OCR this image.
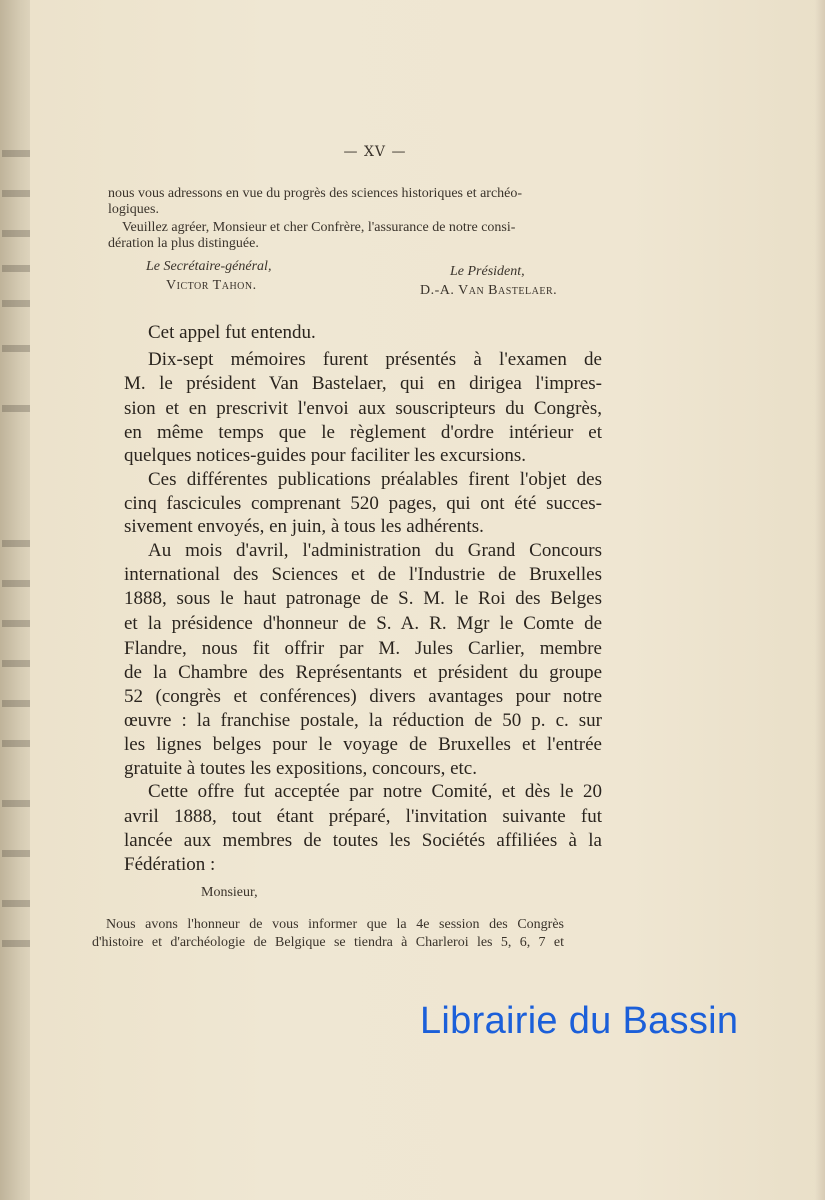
— XV —
nous vous adressons en vue du progrès des sciences historiques et archéo-
logiques.
Veuillez agréer, Monsieur et cher Confrère, l'assurance de notre consi-
dération la plus distinguée.
Le Secrétaire-général,
Victor Tahon.
Le Président,
D.-A. Van Bastelaer.
Cet appel fut entendu.
Dix-sept mémoires furent présentés à l'examen de
M. le président Van Bastelaer, qui en dirigea l'impres-
sion et en prescrivit l'envoi aux souscripteurs du Congrès,
en même temps que le règlement d'ordre intérieur et
quelques notices-guides pour faciliter les excursions.
Ces différentes publications préalables firent l'objet des
cinq fascicules comprenant 520 pages, qui ont été succes-
sivement envoyés, en juin, à tous les adhérents.
Au mois d'avril, l'administration du Grand Concours
international des Sciences et de l'Industrie de Bruxelles
1888, sous le haut patronage de S. M. le Roi des Belges
et la présidence d'honneur de S. A. R. Mgr le Comte de
Flandre, nous fit offrir par M. Jules Carlier, membre
de la Chambre des Représentants et président du groupe
52 (congrès et conférences) divers avantages pour notre
œuvre : la franchise postale, la réduction de 50 p. c. sur
les lignes belges pour le voyage de Bruxelles et l'entrée
gratuite à toutes les expositions, concours, etc.
Cette offre fut acceptée par notre Comité, et dès le 20
avril 1888, tout étant préparé, l'invitation suivante fut
lancée aux membres de toutes les Sociétés affiliées à la
Fédération :
Monsieur,
Nous avons l'honneur de vous informer que la 4e session des Congrès
d'histoire et d'archéologie de Belgique se tiendra à Charleroi les 5, 6, 7 et
Librairie du Bassin
